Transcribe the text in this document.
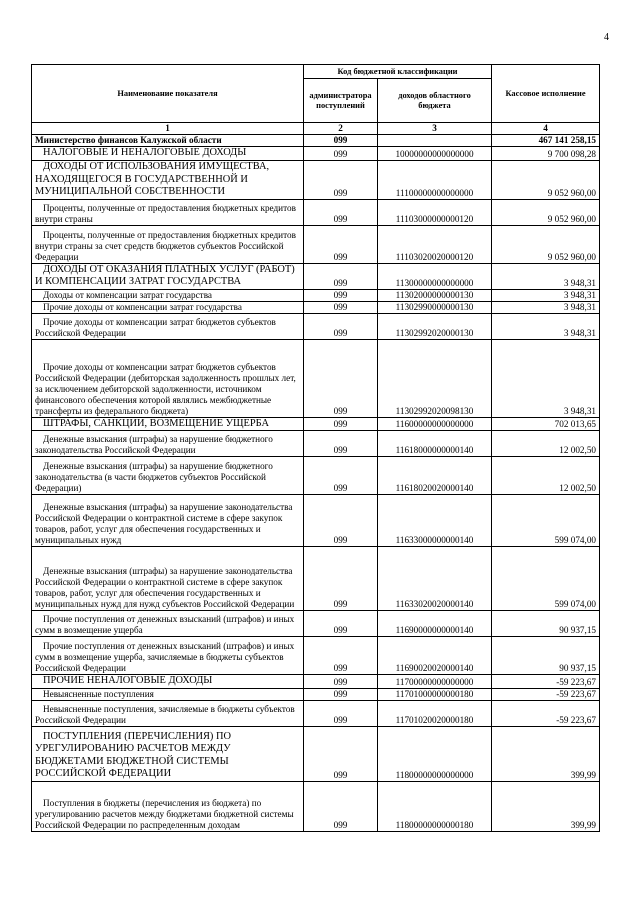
4
Наименование показателя	Код бюджетной классификации		Кассовое исполнение
	администратора поступлений	доходов областного бюджета	
1	2	3	4
Министерство финансов Калужской области	099		467 141 258,15
НАЛОГОВЫЕ И НЕНАЛОГОВЫЕ ДОХОДЫ	099	10000000000000000	9 700 098,28
ДОХОДЫ ОТ ИСПОЛЬЗОВАНИЯ ИМУЩЕСТВА, НАХОДЯЩЕГОСЯ В ГОСУДАРСТВЕННОЙ И МУНИЦИПАЛЬНОЙ СОБСТВЕННОСТИ	099	11100000000000000	9 052 960,00
Проценты, полученные от предоставления бюджетных кредитов внутри страны	099	11103000000000120	9 052 960,00
Проценты, полученные от предоставления бюджетных кредитов внутри страны за счет средств бюджетов субъектов Российской Федерации	099	11103020020000120	9 052 960,00
ДОХОДЫ ОТ ОКАЗАНИЯ ПЛАТНЫХ УСЛУГ (РАБОТ) И КОМПЕНСАЦИИ ЗАТРАТ ГОСУДАРСТВА	099	11300000000000000	3 948,31
Доходы от компенсации затрат государства	099	11302000000000130	3 948,31
Прочие доходы от компенсации затрат государства	099	11302990000000130	3 948,31
Прочие доходы от компенсации затрат бюджетов субъектов Российской Федерации	099	11302992020000130	3 948,31
Прочие доходы от компенсации затрат бюджетов субъектов Российской Федерации (дебиторская задолженность прошлых лет, за исключением дебиторской задолженности, источником финансового обеспечения которой являлись межбюджетные трансферты из федерального бюджета)	099	11302992020098130	3 948,31
ШТРАФЫ, САНКЦИИ, ВОЗМЕЩЕНИЕ УЩЕРБА	099	11600000000000000	702 013,65
Денежные взыскания (штрафы) за нарушение бюджетного законодательства Российской Федерации	099	11618000000000140	12 002,50
Денежные взыскания (штрафы) за нарушение бюджетного законодательства (в части бюджетов субъектов Российской Федерации)	099	11618020020000140	12 002,50
Денежные взыскания (штрафы) за нарушение законодательства Российской Федерации о контрактной системе в сфере закупок товаров, работ, услуг для обеспечения государственных и муниципальных нужд	099	11633000000000140	599 074,00
Денежные взыскания (штрафы) за нарушение законодательства Российской Федерации о контрактной системе в сфере закупок товаров, работ, услуг для обеспечения государственных и муниципальных нужд для нужд субъектов Российской Федерации	099	11633020020000140	599 074,00
Прочие поступления от денежных взысканий (штрафов) и иных сумм в возмещение ущерба	099	11690000000000140	90 937,15
Прочие поступления от денежных взысканий (штрафов) и иных сумм в возмещение ущерба, зачисляемые в бюджеты субъектов Российской Федерации	099	11690020020000140	90 937,15
ПРОЧИЕ НЕНАЛОГОВЫЕ ДОХОДЫ	099	11700000000000000	-59 223,67
Невыясненные поступления	099	11701000000000180	-59 223,67
Невыясненные поступления, зачисляемые в бюджеты субъектов Российской Федерации	099	11701020020000180	-59 223,67
ПОСТУПЛЕНИЯ (ПЕРЕЧИСЛЕНИЯ) ПО УРЕГУЛИРОВАНИЮ РАСЧЕТОВ МЕЖДУ БЮДЖЕТАМИ БЮДЖЕТНОЙ СИСТЕМЫ РОССИЙСКОЙ ФЕДЕРАЦИИ	099	11800000000000000	399,99
Поступления в бюджеты (перечисления из бюджета) по урегулированию расчетов между бюджетами бюджетной системы Российской Федерации по распределенным доходам	099	11800000000000180	399,99
